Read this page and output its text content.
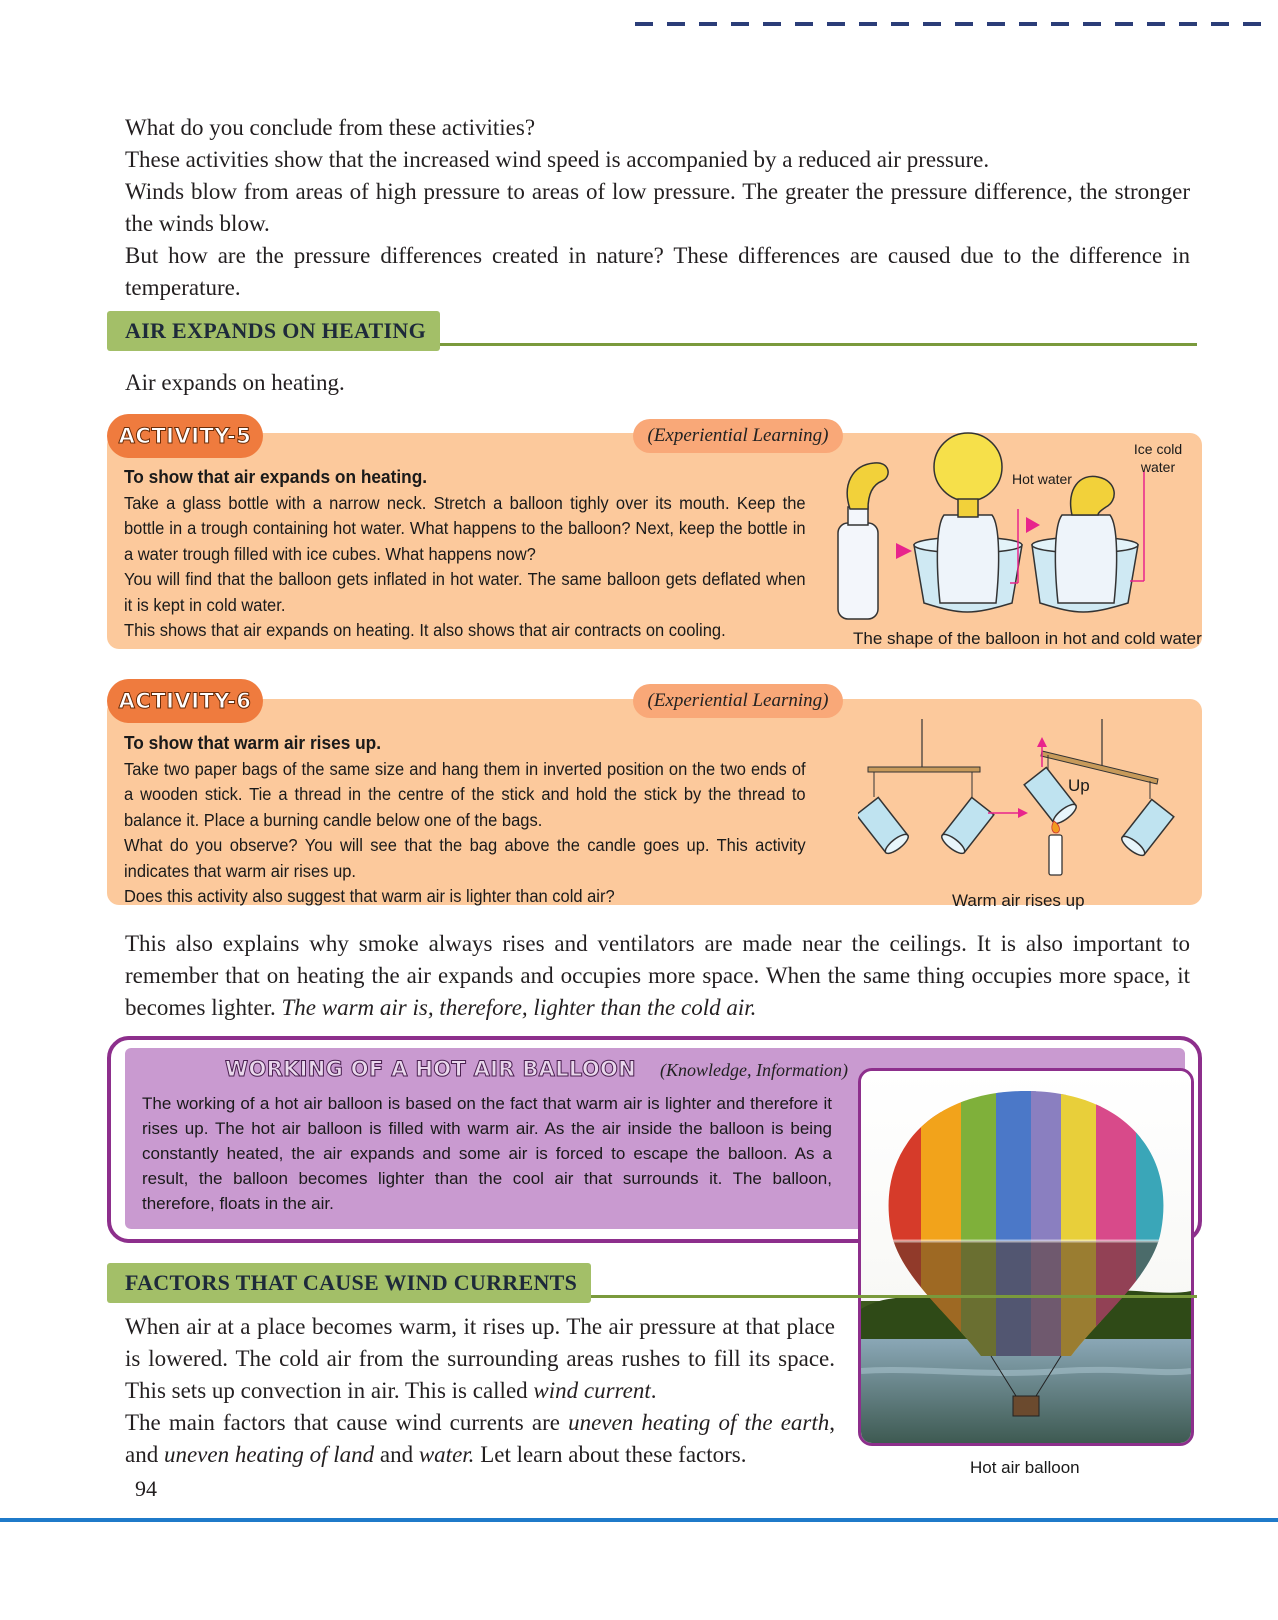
What do you conclude from these activities?

These activities show that the increased wind speed is accompanied by a reduced air pressure.

Winds blow from areas of high pressure to areas of low pressure. The greater the pressure difference, the stronger the winds blow.

But how are the pressure differences created in nature? These differences are caused due to the difference in temperature.

AIR EXPANDS ON HEATING
Air expands on heating.
ACTIVITY-5	(Experiential Learning)

To show that air expands on heating.

Take a glass bottle with a narrow neck. Stretch a balloon tighly over its mouth. Keep the bottle in a trough containing hot water. What happens to the balloon? Next, keep the bottle in a water trough filled with ice cubes. What happens now?

You will find that the balloon gets inflated in hot water. The same balloon gets deflated when it is kept in cold water.

This shows that air expands on heating. It also shows that air contracts on cooling.

Hot water
Ice cold water
The shape of the balloon in hot and cold water
ACTIVITY-6	(Experiential Learning)

To show that warm air rises up.

Take two paper bags of the same size and hang them in inverted position on the two ends of a wooden stick. Tie a thread in the centre of the stick and hold the stick by the thread to balance it. Place a burning candle below one of the bags.

What do you observe? You will see that the bag above the candle goes up. This activity indicates that warm air rises up.

Does this activity also suggest that warm air is lighter than cold air?

Up
Warm air rises up
This also explains why smoke always rises and ventilators are made near the ceilings. It is also important to remember that on heating the air expands and occupies more space. When the same thing occupies more space, it becomes lighter. The warm air is, therefore, lighter than the cold air.
WORKING OF A HOT AIR BALLOON (Knowledge, Information)
The working of a hot air balloon is based on the fact that warm air is lighter and therefore it rises up. The hot air balloon is filled with warm air. As the air inside the balloon is being constantly heated, the air expands and some air is forced to escape the balloon. As a result, the balloon becomes lighter than the cool air that surrounds it. The balloon, therefore, floats in the air.
Hot air balloon
FACTORS THAT CAUSE WIND CURRENTS

When air at a place becomes warm, it rises up. The air pressure at that place is lowered. The cold air from the surrounding areas rushes to fill its space. This sets up convection in air. This is called wind current.

The main factors that cause wind currents are uneven heating of the earth, and uneven heating of land and water. Let learn about these factors.

94
